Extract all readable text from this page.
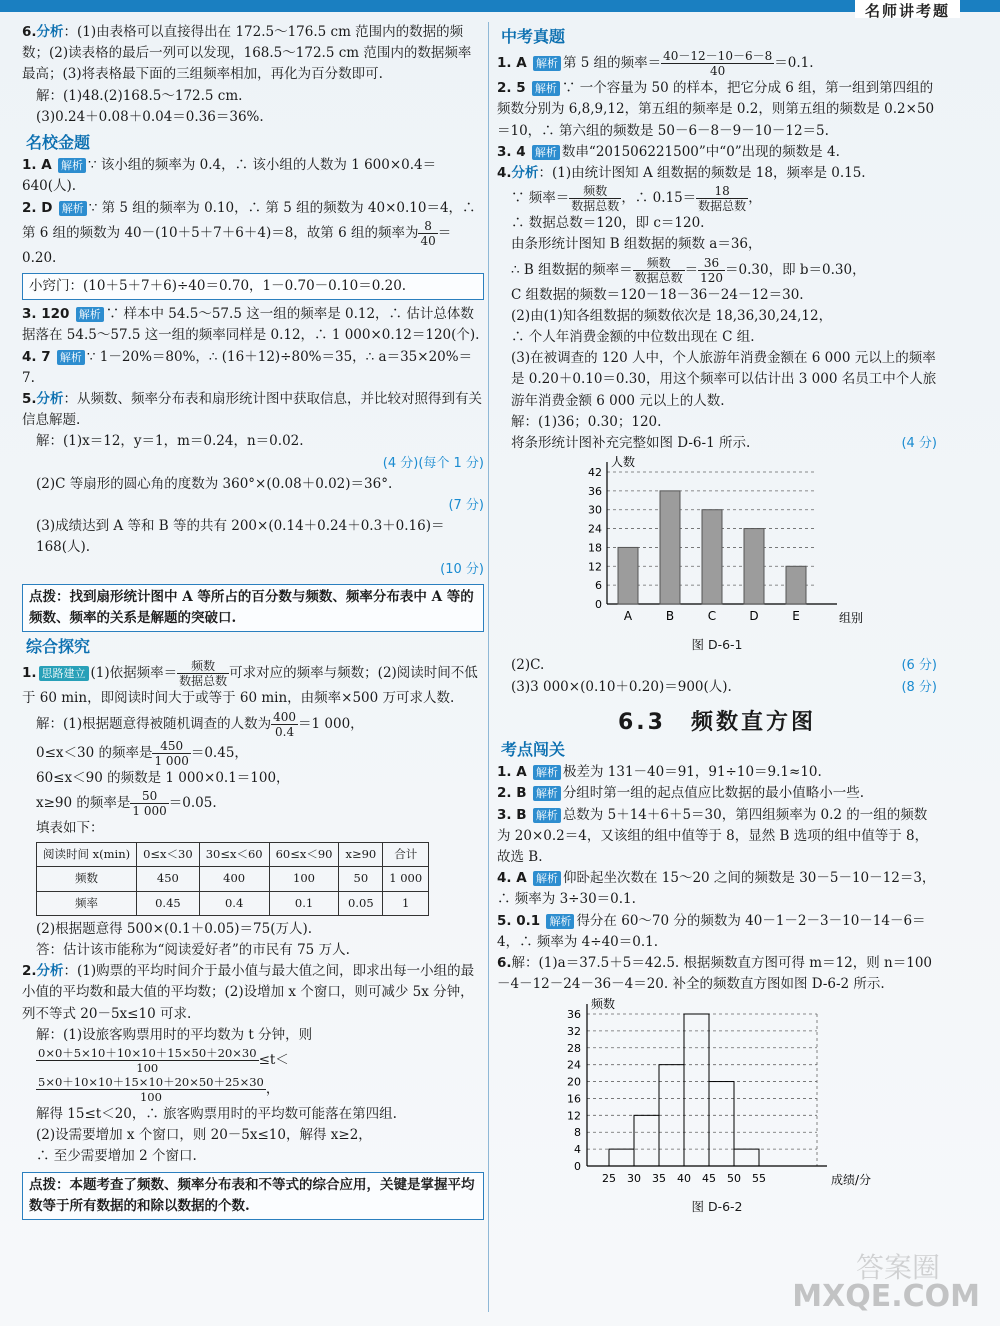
名师讲考题

6.分析：(1)由表格可以直接得出在 172.5～176.5 cm 范围内的数据的频数；(2)读表格的最后一列可以发现，168.5～172.5 cm 范围内的数据频率最高；(3)将表格最下面的三组频率相加，再化为百分数即可.

解：(1)48.(2)168.5～172.5 cm.

(3)0.24＋0.08＋0.04＝0.36＝36%.

名校金题

1. A 解析 ∵ 该小组的频率为 0.4，∴ 该小组的人数为 1 600×0.4＝640(人).

2. D 解析 ∵ 第 5 组的频率为 0.10，∴ 第 5 组的频数为 40×0.10＝4，∴ 第 6 组的频数为 40－(10＋5＋7＋6＋4)＝8，故第 6 组的频率为 $\frac{8}{40} =0.20$.

小窍门：(10＋5＋7＋6)÷40＝0.70，1－0.70－0.10＝0.20.

3. 120 解析 ∵ 样本中 54.5～57.5 这一组的频率是 0.12，∴ 估计总体数据落在 54.5～57.5 这一组的频率同样是 0.12，∴ 1 000×0.12＝120(个).

4. 7 解析 ∵ 1－20%＝80%，∴ (16＋12)÷80%＝35，∴ a＝35×20%＝7.

5.分析：从频数、频率分布表和扇形统计图中获取信息，并比较对照得到有关信息解题.

解：(1)x＝12，y＝1，m＝0.24，n＝0.02.

(4 分)(每个 1 分)

(2)C 等扇形的圆心角的度数为 360°×(0.08＋0.02)＝36°.

(7 分)

(3)成绩达到 A 等和 B 等的共有 200×(0.14＋0.24＋0.3＋0.16)＝168(人).

(10 分)
点拨：找到扇形统计图中 A 等所占的百分数与频数、频率分布表中 A 等的频数、频率的关系是解题的突破口.
综合探究

1. 思路建立 (1)依据频率＝ $\frac{\text{频数}}{\text{数据总数}}$ 可求对应的频率与频数；(2)阅读时间不低于 60 min，即阅读时间大于或等于 60 min，由频率×500 万可求人数.

解：(1)根据题意得被随机调查的人数为 $\frac{400}{0.4} =1$ 000，

0≤x＜30 的频率是 $\frac{450}{1 000} =0.45$，

60≤x＜90 的频数是 1 000×0.1＝100，

x≥90 的频率是 $\frac{50}{1 000} =0.05$.

填表如下：

阅读时间 x(min)	0≤x＜30	30≤x＜60	60≤x＜90	x≥90	合计
频数	450	400	100	50	1 000
频率	0.45	0.4	0.1	0.05	1

(2)根据题意得 500×(0.1＋0.05)＝75(万人).

答：估计该市能称为“阅读爱好者”的市民有 75 万人.

2.分析：(1)购票的平均时间介于最小值与最大值之间，即求出每一小组的最小值的平均数和最大值的平均数；(2)设增加 x 个窗口，则可减少 5x 分钟，列不等式 20－5x≤10 可求.

解：(1)设旅客购票用时的平均数为 t 分钟，则

$\frac{0\times 0+5\times 10+10\times 10+15\times 50+20\times 30}{100} \le t<$

$\frac{5\times 0+10\times 10+15\times 10+20\times 50+25\times 30}{100}$ ，

解得 15≤t＜20，∴ 旅客购票用时的平均数可能落在第四组.

(2)设需要增加 x 个窗口，则 20－5x≤10，解得 x≥2，

∴ 至少需要增加 2 个窗口.

点拨：本题考查了频数、频率分布表和不等式的综合应用，关键是掌握平均数等于所有数据的和除以数据的个数.
中考真题

1. A 解析 第 5 组的频率＝ $\frac{40-12-10-6-8}{40} =0.1$.

2. 5 解析 ∵ 一个容量为 50 的样本，把它分成 6 组，第一组到第四组的频数分别为 6,8,9,12，第五组的频率是 0.2，则第五组的频数是 0.2×50＝10，∴ 第六组的频数是 50－6－8－9－10－12＝5.

3. 4 解析 数串“201506221500”中“0”出现的频数是 4.

4.分析：(1)由统计图知 A 组数据的频数是 18，频率是 0.15.

∵ 频率＝ $\frac{\text{频数}}{\text{数据总数}}$ ，∴ $0.15= \frac{18}{\text{数据总数}}$ ，

∴ 数据总数＝120，即 c＝120.

由条形统计图知 B 组数据的频数 a＝36，

∴ B 组数据的频率＝ $\frac{\text{频数}}{\text{数据总数}} = \frac{36}{120} =0.30$，即 b＝0.30，

C 组数据的频数＝120－18－36－24－12＝30.

(2)由(1)知各组数据的频数依次是 18,36,30,24,12，

∴ 个人年消费金额的中位数出现在 C 组.

(3)在被调查的 120 人中，个人旅游年消费金额在 6 000 元以上的频率是 0.20＋0.10＝0.30，用这个频率可以估计出 3 000 名员工中个人旅游年消费金额 6 000 元以上的人数.

解：(1)36；0.30；120.

将条形统计图补充完整如图 D-6-1 所示.	(4 分)

0
6
12
18
24
30
36
42
人数
组别
A	B	C	D	E
图 D-6-1

(2)C.	(6 分)

(3)3 000×(0.10＋0.20)＝900(人).	(8 分)

6.3　频数直方图
考点闯关

1. A 解析 极差为 131－40＝91，91÷10＝9.1≈10.

2. B 解析 分组时第一组的起点值应比数据的最小值略小一些.

3. B 解析 总数为 5＋14＋6＋5＝30，第四组频率为 0.2 的一组的频数为 20×0.2＝4，又该组的组中值等于 8，显然 B 选项的组中值等于 8，故选 B.

4. A 解析 仰卧起坐次数在 15～20 之间的频数是 30－5－10－12＝3，∴ 频率为 3÷30＝0.1.

5. 0.1 解析 得分在 60～70 分的频数为 40－1－2－3－10－14－6＝4，∴ 频率为 4÷40＝0.1.

6.解：(1)a＝37.5＋5＝42.5. 根据频数直方图可得 m＝12，则 n＝100－4－12－24－36－4＝20. 补全的频数直方图如图 D-6-2 所示.

0
4
8
12
16
20
24
28
32
36
频数
成绩/分
25 30 35 40 45 50 55
图 D-6-2
答案圈
MXQE.COM
